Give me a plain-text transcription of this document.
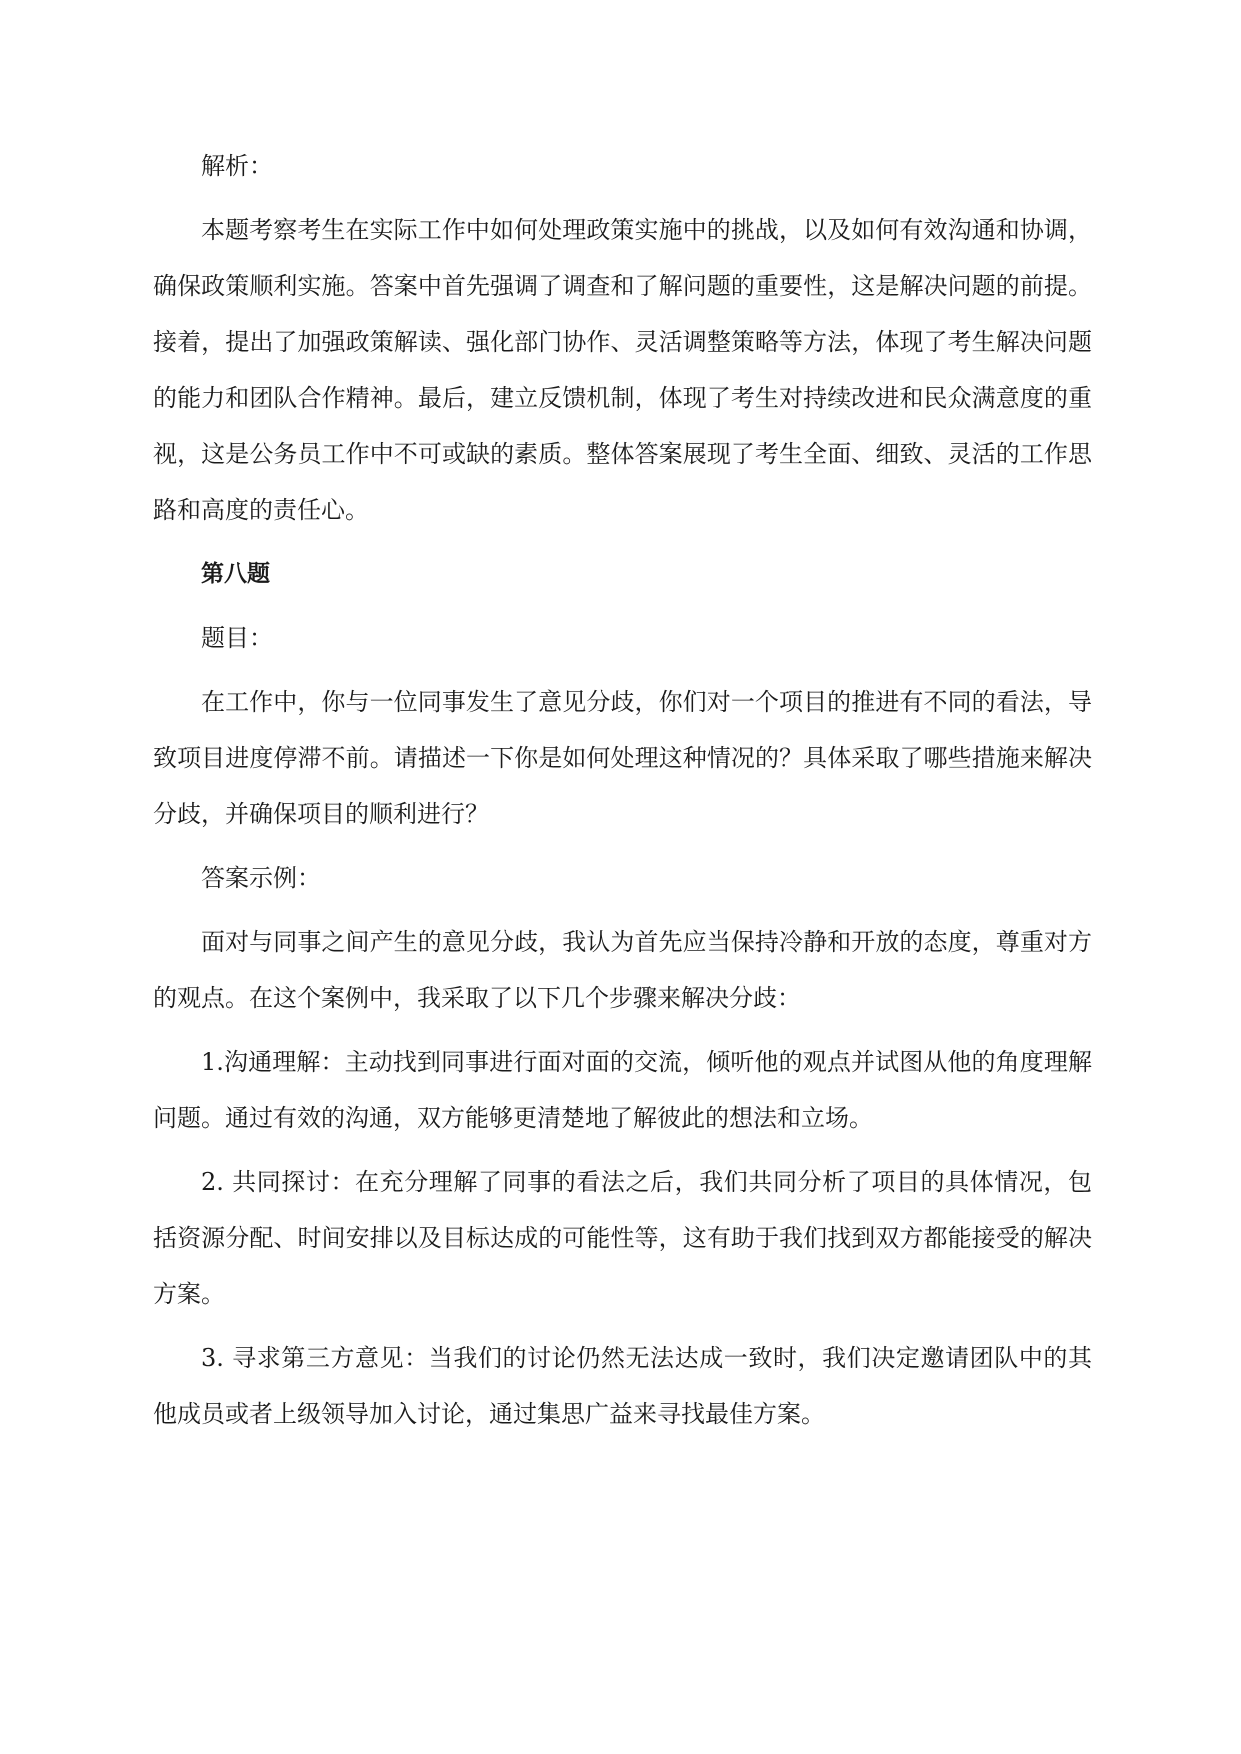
解析：

本题考察考生在实际工作中如何处理政策实施中的挑战，以及如何有效沟通和协调，确保政策顺利实施。答案中首先强调了调查和了解问题的重要性，这是解决问题的前提。接着，提出了加强政策解读、强化部门协作、灵活调整策略等方法，体现了考生解决问题的能力和团队合作精神。最后，建立反馈机制，体现了考生对持续改进和民众满意度的重视，这是公务员工作中不可或缺的素质。整体答案展现了考生全面、细致、灵活的工作思路和高度的责任心。

第八题

题目：

在工作中，你与一位同事发生了意见分歧，你们对一个项目的推进有不同的看法，导致项目进度停滞不前。请描述一下你是如何处理这种情况的？具体采取了哪些措施来解决分歧，并确保项目的顺利进行？

答案示例：

面对与同事之间产生的意见分歧，我认为首先应当保持冷静和开放的态度，尊重对方的观点。在这个案例中，我采取了以下几个步骤来解决分歧：

1.沟通理解：主动找到同事进行面对面的交流，倾听他的观点并试图从他的角度理解问题。通过有效的沟通，双方能够更清楚地了解彼此的想法和立场。

2. 共同探讨：在充分理解了同事的看法之后，我们共同分析了项目的具体情况，包括资源分配、时间安排以及目标达成的可能性等，这有助于我们找到双方都能接受的解决方案。

3. 寻求第三方意见：当我们的讨论仍然无法达成一致时，我们决定邀请团队中的其他成员或者上级领导加入讨论，通过集思广益来寻找最佳方案。
